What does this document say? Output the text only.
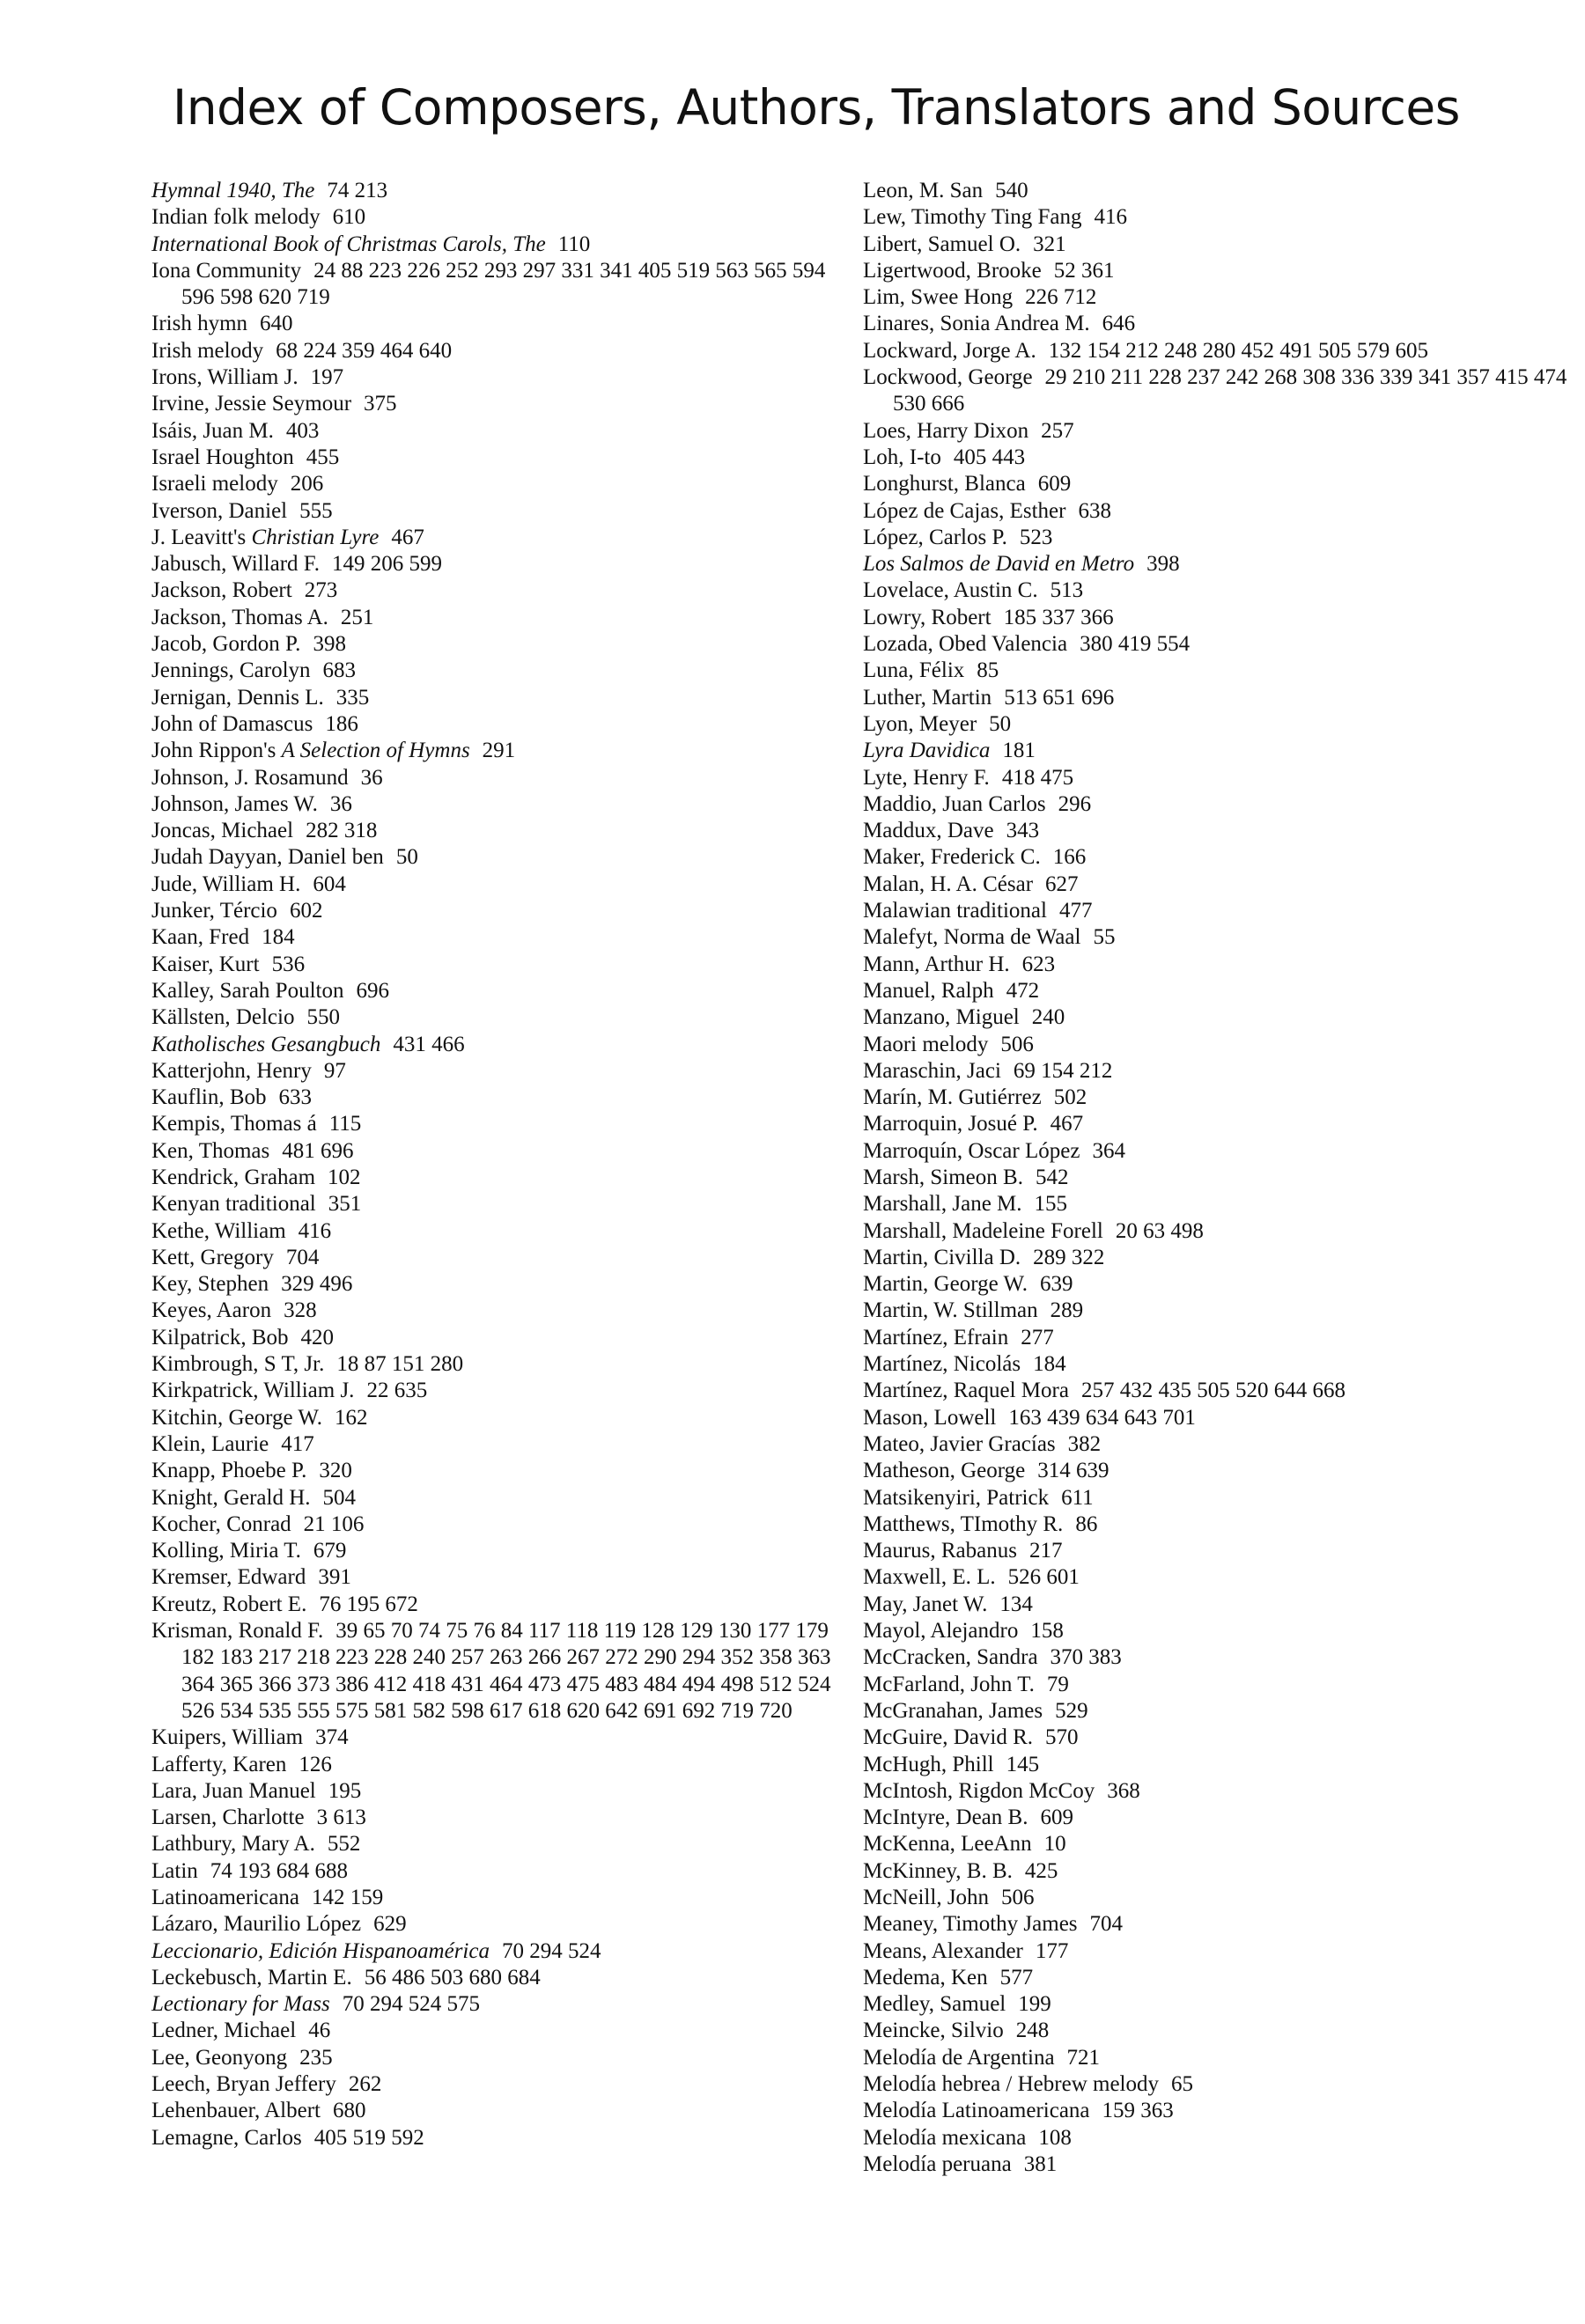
Index of Composers, Authors, Translators and Sources
Hymnal 1940, The 74 213
Indian folk melody 610
International Book of Christmas Carols, The 110
Iona Community 24 88 223 226 252 293 297 331 341 405 519 563 565 594 596 598 620 719
Irish hymn 640
Irish melody 68 224 359 464 640
Irons, William J. 197
Irvine, Jessie Seymour 375
Isáis, Juan M. 403
Israel Houghton 455
Israeli melody 206
Iverson, Daniel 555
J. Leavitt's Christian Lyre 467
Jabusch, Willard F. 149 206 599
Jackson, Robert 273
Jackson, Thomas A. 251
Jacob, Gordon P. 398
Jennings, Carolyn 683
Jernigan, Dennis L. 335
John of Damascus 186
John Rippon's A Selection of Hymns 291
Johnson, J. Rosamund 36
Johnson, James W. 36
Joncas, Michael 282 318
Judah Dayyan, Daniel ben 50
Jude, William H. 604
Junker, Tércio 602
Kaan, Fred 184
Kaiser, Kurt 536
Kalley, Sarah Poulton 696
Källsten, Delcio 550
Katholisches Gesangbuch 431 466
Katterjohn, Henry 97
Kauflin, Bob 633
Kempis, Thomas á 115
Ken, Thomas 481 696
Kendrick, Graham 102
Kenyan traditional 351
Kethe, William 416
Kett, Gregory 704
Key, Stephen 329 496
Keyes, Aaron 328
Kilpatrick, Bob 420
Kimbrough, S T, Jr. 18 87 151 280
Kirkpatrick, William J. 22 635
Kitchin, George W. 162
Klein, Laurie 417
Knapp, Phoebe P. 320
Knight, Gerald H. 504
Kocher, Conrad 21 106
Kolling, Miria T. 679
Kremser, Edward 391
Kreutz, Robert E. 76 195 672
Krisman, Ronald F. 39 65 70 74 75 76 84 117 118 119 128 129 130 177 179 182 183 217 218 223 228 240 257 263 266 267 272 290 294 352 358 363 364 365 366 373 386 412 418 431 464 473 475 483 484 494 498 512 524 526 534 535 555 575 581 582 598 617 618 620 642 691 692 719 720
Kuipers, William 374
Lafferty, Karen 126
Lara, Juan Manuel 195
Larsen, Charlotte 3 613
Lathbury, Mary A. 552
Latin 74 193 684 688
Latinoamericana 142 159
Lázaro, Maurilio López 629
Leccionario, Edición Hispanoamérica 70 294 524
Leckebusch, Martin E. 56 486 503 680 684
Lectionary for Mass 70 294 524 575
Ledner, Michael 46
Lee, Geonyong 235
Leech, Bryan Jeffery 262
Lehenbauer, Albert 680
Lemagne, Carlos 405 519 592
Leon, M. San 540
Lew, Timothy Ting Fang 416
Libert, Samuel O. 321
Ligertwood, Brooke 52 361
Lim, Swee Hong 226 712
Linares, Sonia Andrea M. 646
Lockward, Jorge A. 132 154 212 248 280 452 491 505 579 605
Lockwood, George 29 210 211 228 237 242 268 308 336 339 341 357 415 474 530 666
Loes, Harry Dixon 257
Loh, I-to 405 443
Longhurst, Blanca 609
López de Cajas, Esther 638
López, Carlos P. 523
Los Salmos de David en Metro 398
Lovelace, Austin C. 513
Lowry, Robert 185 337 366
Lozada, Obed Valencia 380 419 554
Luna, Félix 85
Luther, Martin 513 651 696
Lyon, Meyer 50
Lyra Davidica 181
Lyte, Henry F. 418 475
Maddio, Juan Carlos 296
Maddux, Dave 343
Maker, Frederick C. 166
Malan, H. A. César 627
Malawian traditional 477
Malefyt, Norma de Waal 55
Mann, Arthur H. 623
Manuel, Ralph 472
Manzano, Miguel 240
Maori melody 506
Maraschin, Jaci 69 154 212
Marín, M. Gutiérrez 502
Marroquin, Josué P. 467
Marroquín, Oscar López 364
Marsh, Simeon B. 542
Marshall, Jane M. 155
Marshall, Madeleine Forell 20 63 498
Martin, Civilla D. 289 322
Martin, George W. 639
Martin, W. Stillman 289
Martínez, Efrain 277
Martínez, Nicolás 184
Martínez, Raquel Mora 257 432 435 505 520 644 668
Mason, Lowell 163 439 634 643 701
Mateo, Javier Gracías 382
Matheson, George 314 639
Matsikenyiri, Patrick 611
Matthews, TImothy R. 86
Maurus, Rabanus 217
Maxwell, E. L. 526 601
May, Janet W. 134
Mayol, Alejandro 158
McCracken, Sandra 370 383
McFarland, John T. 79
McGranahan, James 529
McGuire, David R. 570
McHugh, Phill 145
McIntosh, Rigdon McCoy 368
McIntyre, Dean B. 609
McKenna, LeeAnn 10
McKinney, B. B. 425
McNeill, John 506
Meaney, Timothy James 704
Means, Alexander 177
Medema, Ken 577
Medley, Samuel 199
Meincke, Silvio 248
Melodía de Argentina 721
Melodía hebrea / Hebrew melody 65
Melodía Latinoamericana 159 363
Melodía mexicana 108
Melodía peruana 381
